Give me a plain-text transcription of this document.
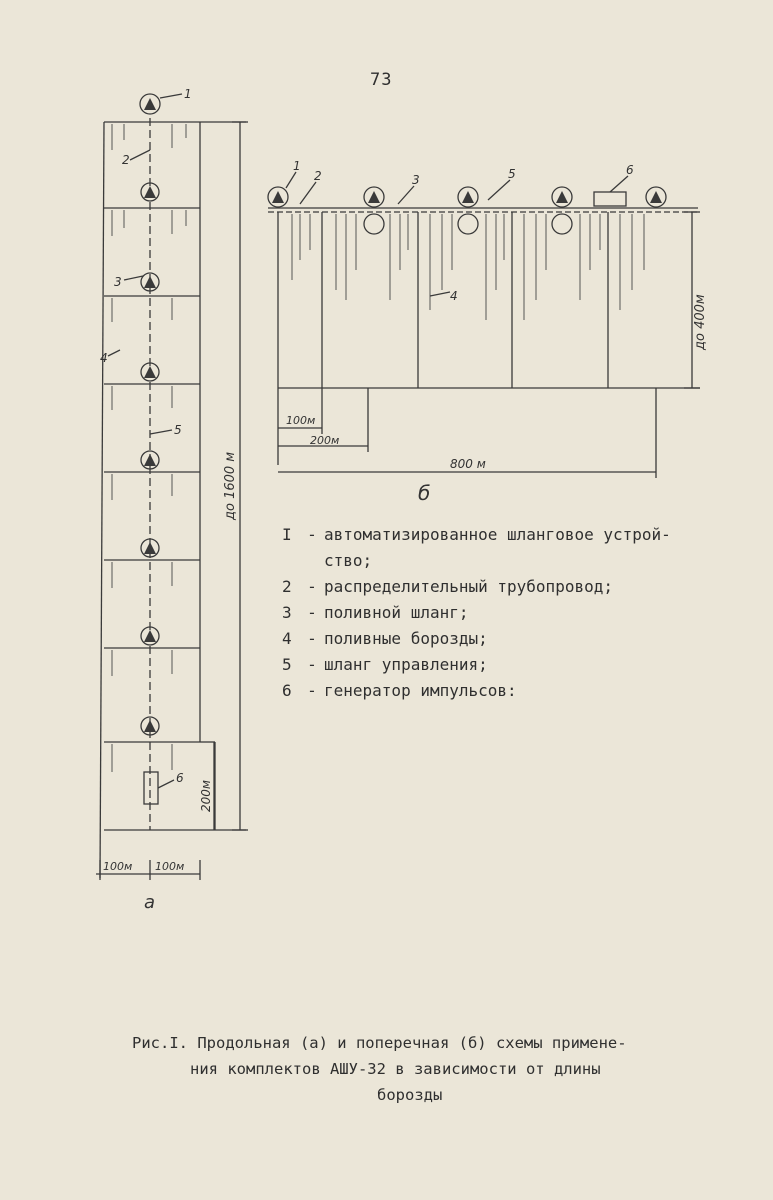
73
1
2
3
4
5
6
до 1600 м
200м
100м 100м
a
1
2	3
4
5	6
до 400м
100м
200м
800 м
б
I - автоматизированное шланговое устрой-
ство;
2 - распределительный трубопровод;
3 - поливной шланг;
4 - поливные борозды;
5 - шланг управления;
6 - генератор импульсов:
Рис.I. Продольная (а) и поперечная (б) схемы примене-
ния комплектов АШУ-32 в зависимости от длины
борозды
